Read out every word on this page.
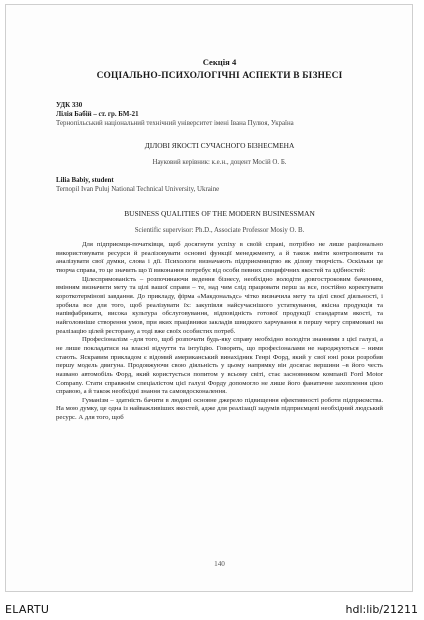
Секція 4
СОЦІАЛЬНО-ПСИХОЛОГІЧНІ АСПЕКТИ В БІЗНЕСІ
УДК 330
Лілія Бабій – ст. гр. БМ-21
Тернопільський національний технічний університет імені Івана Пулюя, Україна
ДІЛОВІ ЯКОСТІ СУЧАСНОГО БІЗНЕСМЕНА
Науковий керівник: к.е.н., доцент Мосій О. Б.
Lilia Babiy, student
Ternopil Ivan Puluj National Technical University, Ukraine
BUSINESS QUALITIES OF THE MODERN BUSINESSMAN
Scientific supervisor: Ph.D., Associate Professor Mosiy O. B.

Для підприємця-початківця, щоб досягнути успіху в своїй справі, потрібно не лише раціонально використовувати ресурси й реалізовувати основні функції менеджменту, а й також вміти контролювати та аналізувати свої думки, слова і дії. Психологи визначають підприємництво як ділову творчість. Оскільки це творча справа, то це значить що її виконання потребує від особи певних специфічних якостей та здібностей:

Цілеспрямованість – розпочинаючи ведення бізнесу, необхідно володіти довгостроковим баченням, вмінням визначити мету та цілі вашої справи – те, над чим слід працювати перш за все, постійно коректувати короткотермінові завдання. До прикладу, фірма «Макдональдс» чітко визначила мету та цілі своєї діяльності, і зробила все для того, щоб реалізувати їх: закупівля найсучаснішого устаткування, якісна продукція та напівфабрикати, висока культура обслуговування, відповідність готової продукції стандартам якості, та найголовніше створення умов, при яких працівники закладів швидкого харчування в першу чергу спрямовані на реалізацію цілей ресторану, а тоді вже своїх особистих потреб.

Професіоналізм –для того, щоб розпочати будь-яку справу необхідно володіти знаннями з цієї галузі, а не лише покладатися на власні відчуття та інтуїцію. Говорять, що професіоналами не народжуються – ними стають. Яскравим прикладом є відомий американський винахідник Генрі Форд, який у свої юні роки розробив першу модель двигуна. Продовжуючи свою діяльність у цьому напрямку він досягає вершини –в його честь названо автомобіль Форд, який користується попитом у всьому світі, стає засновником компанії Ford Motor Company. Стати справжнім спеціалістом цієї галузі Форду допомогло не лише його фанатичне захоплення цією справою, а й також необхідні знання та самовдосконалення.

Гуманізм – здатність бачити в людині основне джерело підвищення ефективності роботи підприємства. На мою думку, це одна із найважливіших якостей, адже для реалізації задумів підприємцеві необхідний людський ресурс. А для того, щоб

140
ELARTU	hdl:lib/21211
